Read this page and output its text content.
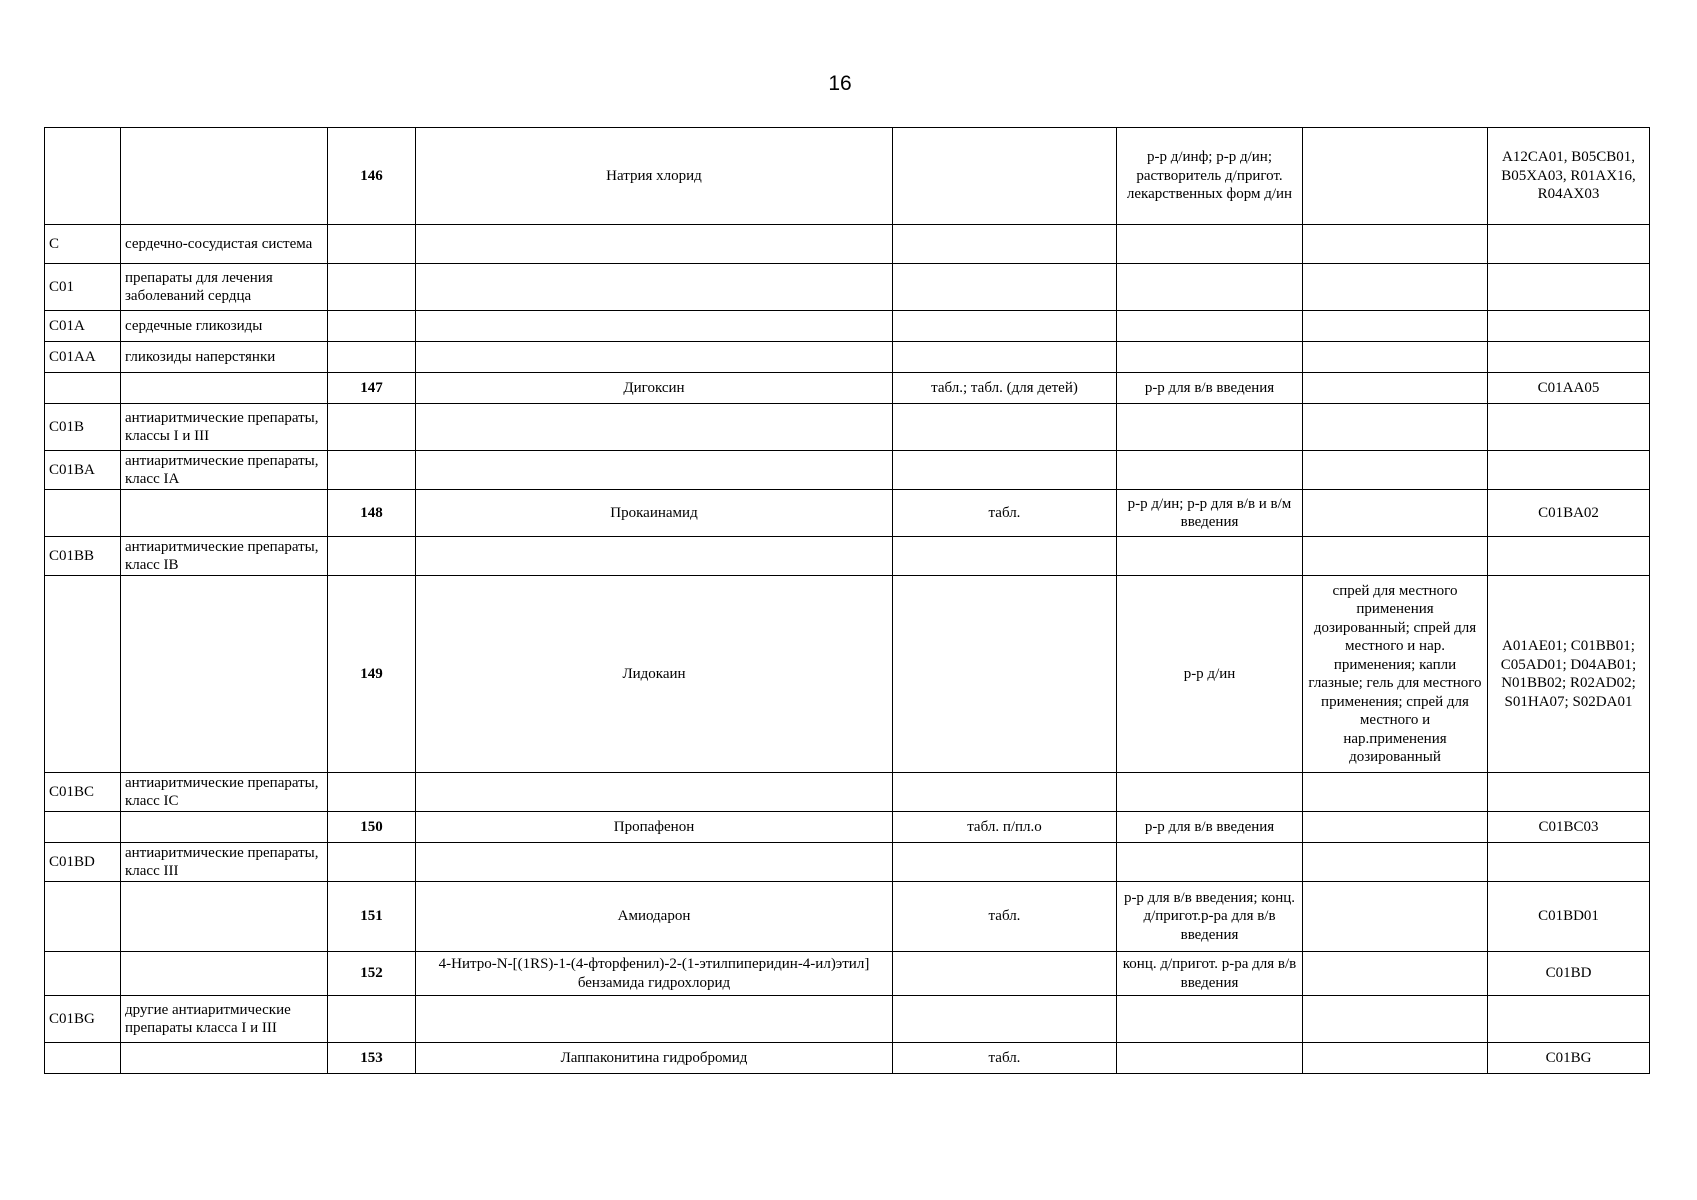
16
		146	Натрия хлорид		р-р д/инф; р-р д/ин; растворитель д/пригот. лекарственных форм д/ин		A12CA01, B05CB01, B05XA03, R01AX16, R04AX03
C	сердечно-сосудистая система						
C01	препараты для лечения заболеваний сердца						
C01A	сердечные гликозиды						
C01AA	гликозиды наперстянки						
		147	Дигоксин	табл.; табл. (для детей)	р-р для в/в введения		C01AA05
C01B	антиаритмические препараты, классы I и III						
C01BA	антиаритмические препараты, класс IA						
		148	Прокаинамид	табл.	р-р д/ин; р-р для в/в и в/м введения		C01BA02
C01BB	антиаритмические препараты, класс IB						
		149	Лидокаин		р-р д/ин	спрей для местного применения дозированный; спрей для местного и нар. применения; капли глазные; гель для местного применения; спрей для местного и нар.применения дозированный	A01AE01; C01BB01; C05AD01; D04AB01; N01BB02; R02AD02; S01HA07; S02DA01
C01BC	антиаритмические препараты, класс IC						
		150	Пропафенон	табл. п/пл.о	р-р для в/в введения		C01BC03
C01BD	антиаритмические препараты, класс III						
		151	Амиодарон	табл.	р-р для в/в введения; конц. д/пригот.р-ра для в/в введения		C01BD01
		152	4-Нитро-N-[(1RS)-1-(4-фторфенил)-2-(1-этилпиперидин-4-ил)этил] бензамида гидрохлорид		конц. д/пригот. р-ра для в/в введения		C01BD
C01BG	другие антиаритмические препараты класса I и III						
		153	Лаппаконитина гидробромид	табл.			C01BG
